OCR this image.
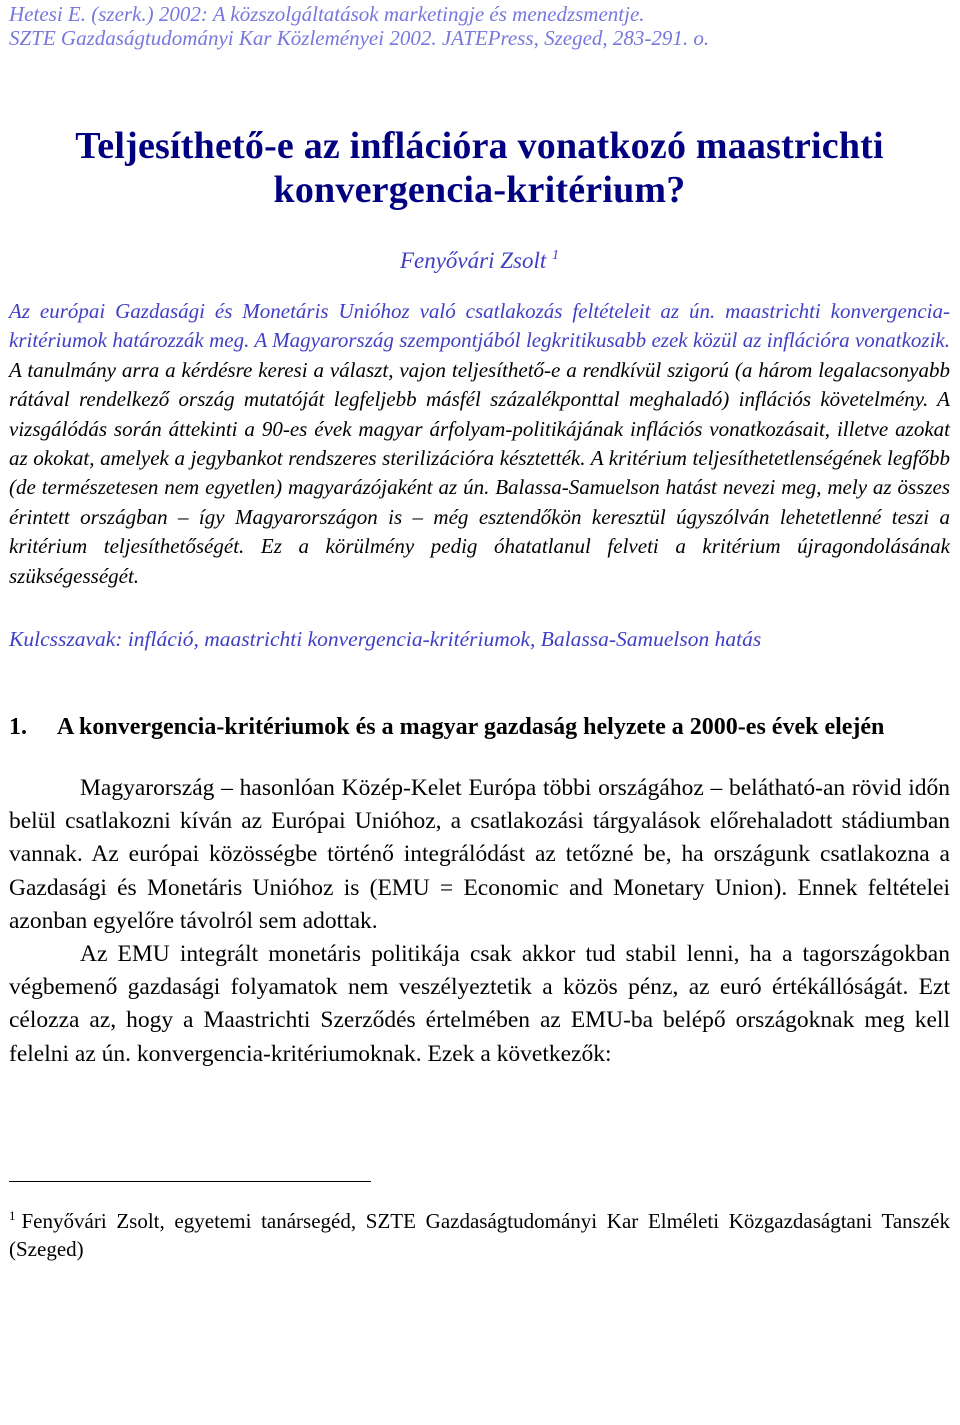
Hetesi E. (szerk.) 2002: A közszolgáltatások marketingje és menedzsmentje.
SZTE Gazdaságtudományi Kar Közleményei 2002. JATEPress, Szeged, 283-291. o.
Teljesíthető-e az inflációra vonatkozó maastrichti
konvergencia-kritérium?
Fenyővári Zsolt $^1$
Az európai Gazdasági és Monetáris Unióhoz való csatlakozás feltételeit az ún. maastrichti konvergencia-kritériumok határozzák meg. A Magyarország szempontjából legkritikusabb ezek közül az inflációra vonatkozik. A tanulmány arra a kérdésre keresi a választ, vajon teljesíthető-e a rendkívül szigorú (a három legalacsonyabb rátával rendelkező ország mutatóját legfeljebb másfél százalékponttal meghaladó) inflációs követelmény. A vizsgálódás során áttekinti a 90-es évek magyar árfolyam-politikájának inflációs vonatkozásait, illetve azokat az okokat, amelyek a jegybankot rendszeres sterilizációra késztették. A kritérium teljesíthetetlenségének legfőbb (de természetesen nem egyetlen) magyarázójaként az ún. Balassa-Samuelson hatást nevezi meg, mely az összes érintett országban – így Magyarországon is – még esztendőkön keresztül úgyszólván lehetetlenné teszi a kritérium teljesíthetőségét. Ez a körülmény pedig óhatatlanul felveti a kritérium újragondolásának szükségességét.
Kulcsszavak: infláció, maastrichti konvergencia-kritériumok, Balassa-Samuelson hatás
1.	A konvergencia-kritériumok és a magyar gazdaság helyzete a 2000-es évek elején

Magyarország – hasonlóan Közép-Kelet Európa többi országához – belátható-an rövid időn belül csatlakozni kíván az Európai Unióhoz, a csatlakozási tárgyalások előrehaladott stádiumban vannak. Az európai közösségbe történő integrálódást az tetőzné be, ha országunk csatlakozna a Gazdasági és Monetáris Unióhoz is (EMU = Economic and Monetary Union). Ennek feltételei azonban egyelőre távolról sem adottak.

Az EMU integrált monetáris politikája csak akkor tud stabil lenni, ha a tagországokban végbemenő gazdasági folyamatok nem veszélyeztetik a közös pénz, az euró értékállóságát. Ezt célozza az, hogy a Maastrichti Szerződés értelmében az EMU-ba belépő országoknak meg kell felelni az ún. konvergencia-kritériumoknak. Ezek a következők:

$^1$ Fenyővári Zsolt, egyetemi tanársegéd, SZTE Gazdaságtudományi Kar Elméleti Közgazdaságtani Tanszék (Szeged)
